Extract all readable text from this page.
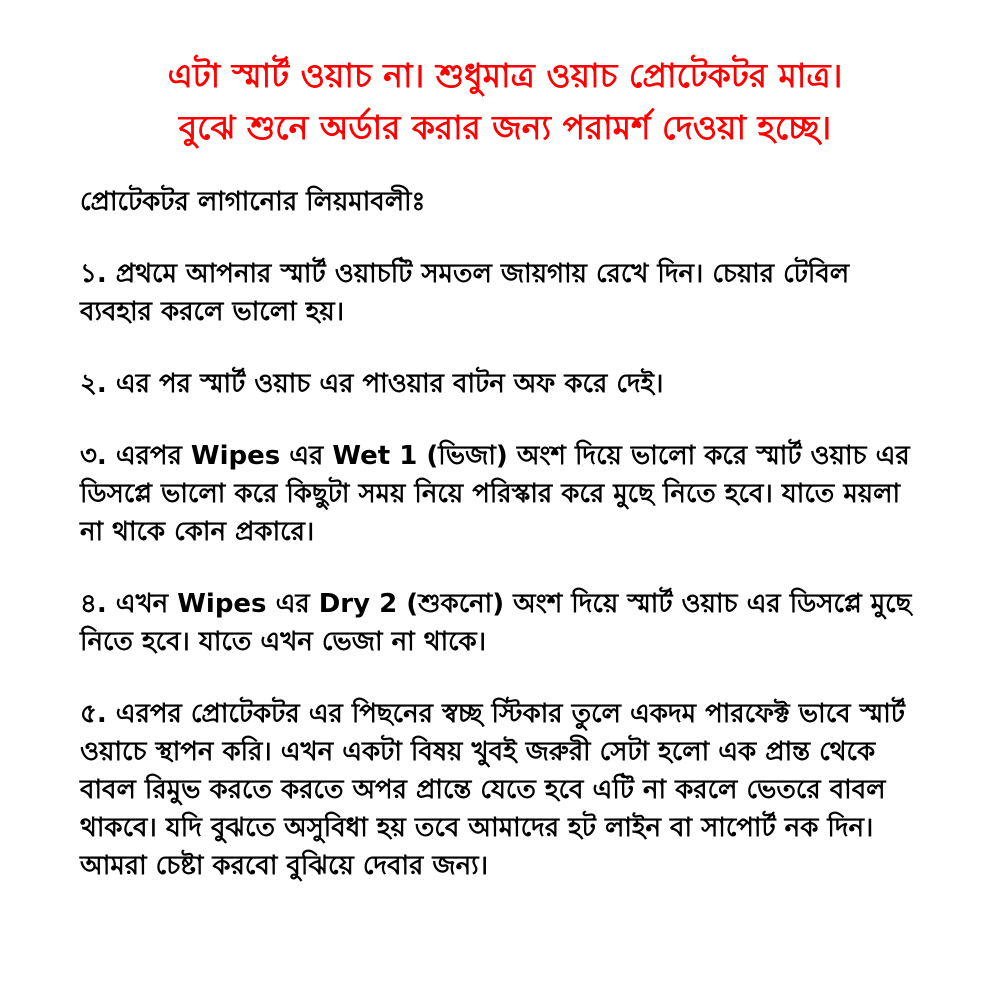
এটা স্মার্ট ওয়াচ না। শুধুমাত্র ওয়াচ প্রোটেকটর মাত্র।
বুঝে শুনে অর্ডার করার জন্য পরামর্শ দেওয়া হচ্ছে।
প্রোটেকটর লাগানোর লিয়মাবলীঃ
১. প্রথমে আপনার স্মার্ট ওয়াচটি সমতল জায়গায় রেখে দিন। চেয়ার টেবিল ব্যবহার করলে ভালো হয়।
২. এর পর স্মার্ট ওয়াচ এর পাওয়ার বাটন অফ করে দেই।
৩. এরপর Wipes এর Wet 1 (ভিজা) অংশ দিয়ে ভালো করে স্মার্ট ওয়াচ এর ডিসপ্লে ভালো করে কিছুটা সময় নিয়ে পরিস্কার করে মুছে নিতে হবে। যাতে ময়লা না থাকে কোন প্রকারে।
৪. এখন Wipes এর Dry 2 (শুকনো) অংশ দিয়ে স্মার্ট ওয়াচ এর ডিসপ্লে মুছে নিতে হবে। যাতে এখন ভেজা না থাকে।
৫. এরপর প্রোটেকটর এর পিছনের স্বচ্ছ স্টিকার তুলে একদম পারফেক্ট ভাবে স্মার্ট ওয়াচে স্থাপন করি। এখন একটা বিষয় খুবই জরুরী সেটা হলো এক প্রান্ত থেকে বাবল রিমুভ করতে করতে অপর প্রান্তে যেতে হবে এটি না করলে ভেতরে বাবল থাকবে। যদি বুঝতে অসুবিধা হয় তবে আমাদের হট লাইন বা সাপোর্ট নক দিন। আমরা চেষ্টা করবো বুঝিয়ে দেবার জন্য।
